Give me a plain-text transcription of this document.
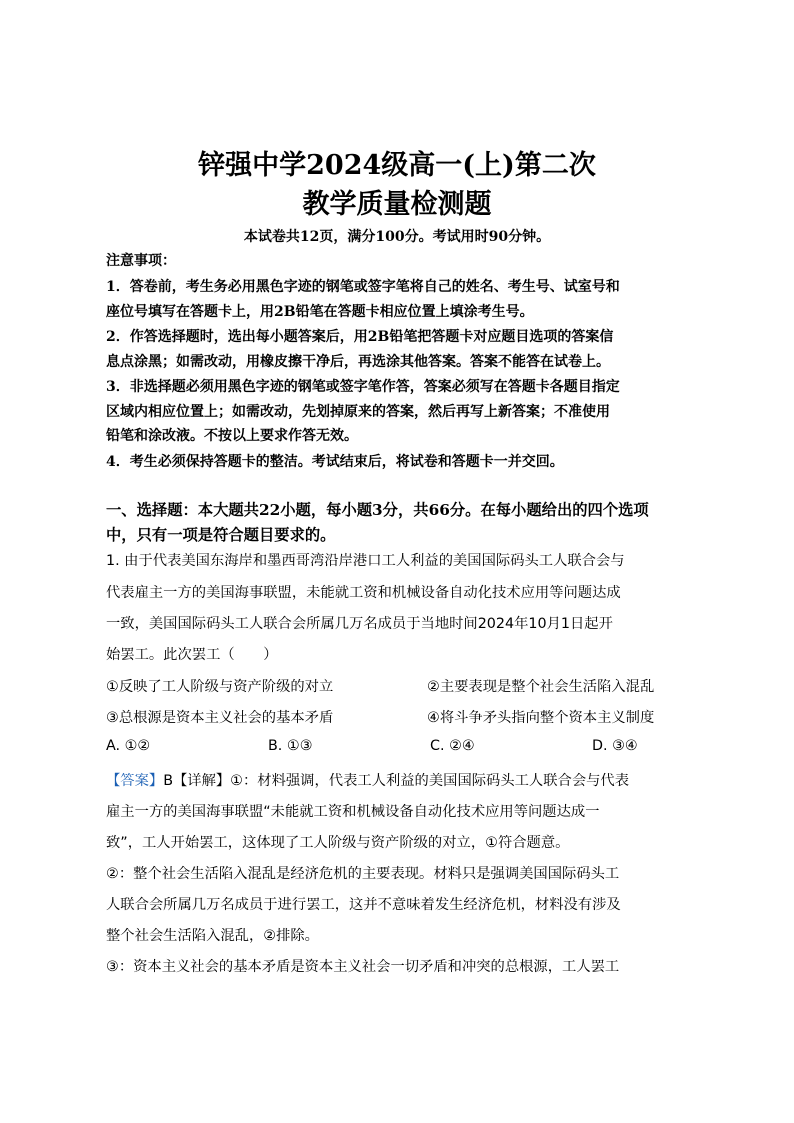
锌强中学2024级高一(上)第二次
教学质量检测题
本试卷共12页，满分100分。考试用时90分钟。
注意事项：
1．答卷前，考生务必用黑色字迹的钢笔或签字笔将自己的姓名、考生号、试室号和
座位号填写在答题卡上，用2B铅笔在答题卡相应位置上填涂考生号。
2．作答选择题时，选出每小题答案后，用2B铅笔把答题卡对应题目选项的答案信
息点涂黑；如需改动，用橡皮擦干净后，再选涂其他答案。答案不能答在试卷上。
3．非选择题必须用黑色字迹的钢笔或签字笔作答，答案必须写在答题卡各题目指定
区域内相应位置上；如需改动，先划掉原来的答案，然后再写上新答案；不准使用
铅笔和涂改液。不按以上要求作答无效。
4．考生必须保持答题卡的整洁。考试结束后，将试卷和答题卡一并交回。
一、选择题：本大题共22小题，每小题3分，共66分。在每小题给出的四个选项
中，只有一项是符合题目要求的。
1. 由于代表美国东海岸和墨西哥湾沿岸港口工人利益的美国国际码头工人联合会与
代表雇主一方的美国海事联盟，未能就工资和机械设备自动化技术应用等问题达成
一致，美国国际码头工人联合会所属几万名成员于当地时间2024年10月1日起开
始罢工。此次罢工（　　）
①反映了工人阶级与资产阶级的对立	②主要表现是整个社会生活陷入混乱
③总根源是资本主义社会的基本矛盾	④将斗争矛头指向整个资本主义制度
A. ①②	B. ①③	C. ②④	D. ③④
【答案】B【详解】①：材料强调，代表工人利益的美国国际码头工人联合会与代表
雇主一方的美国海事联盟“未能就工资和机械设备自动化技术应用等问题达成一
致”，工人开始罢工，这体现了工人阶级与资产阶级的对立，①符合题意。
②：整个社会生活陷入混乱是经济危机的主要表现。材料只是强调美国国际码头工
人联合会所属几万名成员于进行罢工，这并不意味着发生经济危机，材料没有涉及
整个社会生活陷入混乱，②排除。
③：资本主义社会的基本矛盾是资本主义社会一切矛盾和冲突的总根源，工人罢工
